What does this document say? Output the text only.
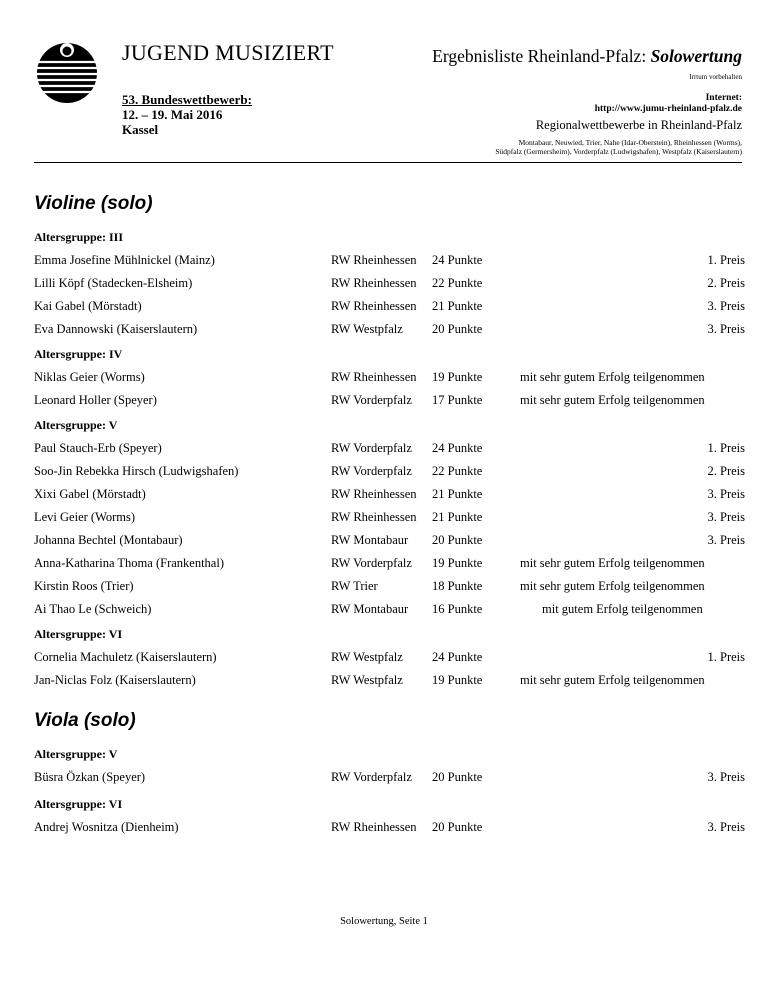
JUGEND MUSIZIERT	Ergebnisliste Rheinland-Pfalz: Solowertung
Irrtum vorbehalten
53. Bundeswettbewerb:
12. – 19. Mai 2016
Kassel
Internet:
http://www.jumu-rheinland-pfalz.de
Regionalwettbewerbe in Rheinland-Pfalz
Montabaur, Neuwied, Trier, Nahe (Idar-Oberstein), Rheinhessen (Worms),
Südpfalz (Germersheim), Vorderpfalz (Ludwigshafen), Westpfalz (Kaiserslautern)
Violine (solo)
Altersgruppe: III
Emma Josefine Mühlnickel (Mainz)	RW Rheinhessen 24 Punkte	1. Preis
Lilli Köpf (Stadecken-Elsheim)	RW Rheinhessen 22 Punkte	2. Preis
Kai Gabel (Mörstadt)	RW Rheinhessen 21 Punkte	3. Preis
Eva Dannowski (Kaiserslautern)	RW Westpfalz 20 Punkte	3. Preis
Altersgruppe: IV
Niklas Geier (Worms)	RW Rheinhessen 19 Punkte	mit sehr gutem Erfolg teilgenommen
Leonard Holler (Speyer)	RW Vorderpfalz 17 Punkte	mit sehr gutem Erfolg teilgenommen
Altersgruppe: V
Paul Stauch-Erb (Speyer)	RW Vorderpfalz 24 Punkte	1. Preis
Soo-Jin Rebekka Hirsch (Ludwigshafen)	RW Vorderpfalz 22 Punkte	2. Preis
Xixi Gabel (Mörstadt)	RW Rheinhessen 21 Punkte	3. Preis
Levi Geier (Worms)	RW Rheinhessen 21 Punkte	3. Preis
Johanna Bechtel (Montabaur)	RW Montabaur 20 Punkte	3. Preis
Anna-Katharina Thoma (Frankenthal)	RW Vorderpfalz 19 Punkte	mit sehr gutem Erfolg teilgenommen
Kirstin Roos (Trier)	RW Trier	18 Punkte	mit sehr gutem Erfolg teilgenommen
Ai Thao Le (Schweich)	RW Montabaur 16 Punkte	mit gutem Erfolg teilgenommen
Altersgruppe: VI
Cornelia Machuletz (Kaiserslautern)	RW Westpfalz 24 Punkte	1. Preis
Jan-Niclas Folz (Kaiserslautern)	RW Westpfalz 19 Punkte	mit sehr gutem Erfolg teilgenommen
Viola (solo)
Altersgruppe: V
Büsra Özkan (Speyer)	RW Vorderpfalz 20 Punkte	3. Preis
Altersgruppe: VI
Andrej Wosnitza (Dienheim)	RW Rheinhessen 20 Punkte	3. Preis
Solowertung, Seite 1
